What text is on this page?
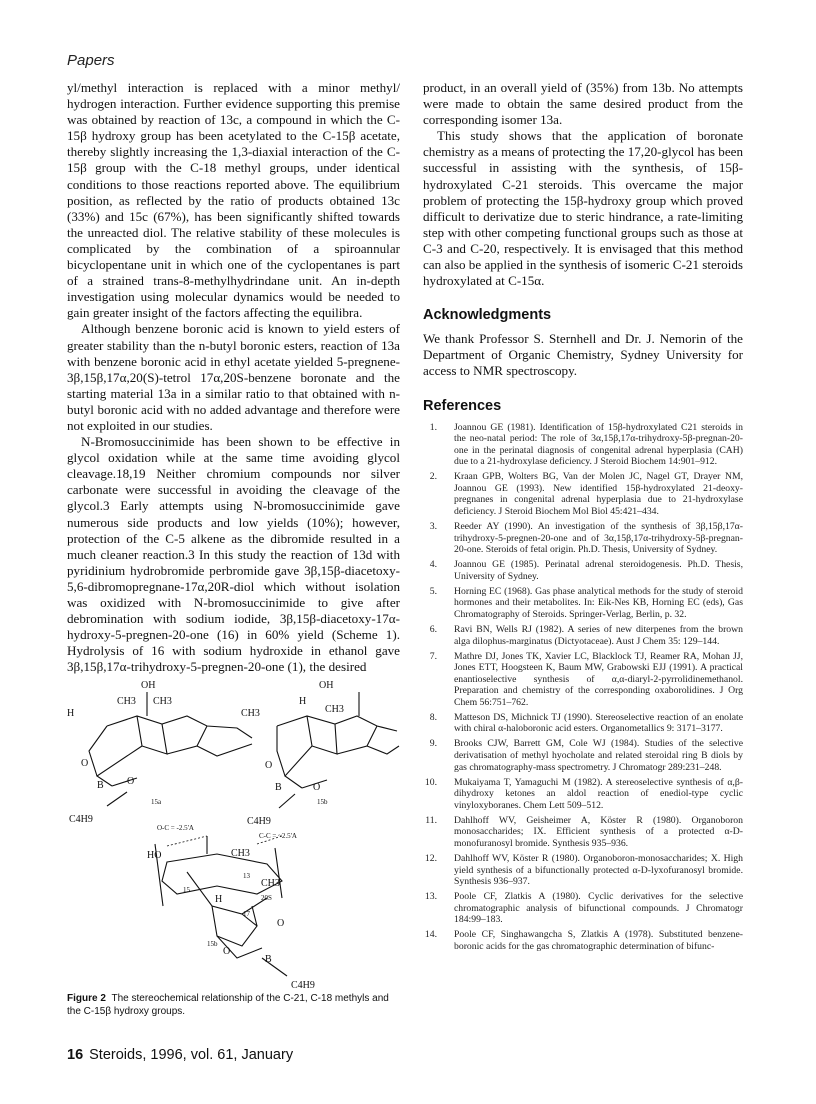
Papers

yl/methyl interaction is replaced with a minor methyl/ hydrogen interaction. Further evidence supporting this premise was obtained by reaction of 13c, a compound in which the C-15β hydroxy group has been acetylated to the C-15β acetate, thereby slightly increasing the 1,3-diaxial interaction of the C-15β group with the C-18 methyl groups, under identical conditions to those reactions reported above. The equilibrium position, as reflected by the ratio of products obtained 13c (33%) and 15c (67%), has been significantly shifted towards the unreacted diol. The relative stability of these molecules is complicated by the combination of a spiroannular bicyclopentane unit in which one of the cyclopentanes is part of a strained trans-8-methylhydrindane unit. An in-depth investigation using molecular dynamics would be needed to gain greater insight of the factors affecting the equilibra.

Although benzene boronic acid is known to yield esters of greater stability than the n-butyl boronic esters, reaction of 13a with benzene boronic acid in ethyl acetate yielded 5-pregnene-3β,15β,17α,20(S)-tetrol 17α,20S-benzene boronate and the starting material 13a in a similar ratio to that obtained with n-butyl boronic acid with no added advantage and therefore were not exploited in our studies.

N-Bromosuccinimide has been shown to be effective in glycol oxidation while at the same time avoiding glycol cleavage.18,19 Neither chromium compounds nor silver carbonate were successful in avoiding the cleavage of the glycol.3 Early attempts using N-bromosuccinimide gave numerous side products and low yields (10%); however, protection of the C-5 alkene as the dibromide resulted in a much cleaner reaction.3 In this study the reaction of 13d with pyridinium hydrobromide perbromide gave 3β,15β-diacetoxy-5,6-dibromopregnane-17α,20R-diol which without isolation was oxidized with N-bromosuccinimide to give after debromination with sodium iodide, 3β,15β-diacetoxy-17α-hydroxy-5-pregnen-20-one (16) in 60% yield (Scheme 1). Hydrolysis of 16 with sodium hydroxide in ethanol gave 3β,15β,17α-trihydroxy-5-pregnen-20-one (1), the desired

OH
H
CH3 CH3
O
O
B
C4H9
OH
H
CH3	CH3
O
O
B
C4H9
HO	CH3
CH3
H
O
O
B
C4H9
15a	15b
15b
O-C = -2.5'A
C-C = ~2.5'A
13
15
17
20S
Figure 2 The stereochemical relationship of the C-21, C-18 methyls and the C-15β hydroxy groups.

product, in an overall yield of (35%) from 13b. No attempts were made to obtain the same desired product from the corresponding isomer 13a.

This study shows that the application of boronate chemistry as a means of protecting the 17,20-glycol has been successful in assisting with the synthesis, of 15β-hydroxylated C-21 steroids. This overcame the major problem of protecting the 15β-hydroxy group which proved difficult to derivatize due to steric hindrance, a rate-limiting step with other competing functional groups such as those at C-3 and C-20, respectively. It is envisaged that this method can also be applied in the synthesis of isomeric C-21 steroids hydroxylated at C-15α.

Acknowledgments

We thank Professor S. Sternhell and Dr. J. Nemorin of the Department of Organic Chemistry, Sydney University for access to NMR spectroscopy.

References
1. Joannou GE (1981). Identification of 15β-hydroxylated C21 steroids in the neo-natal period: The role of 3α,15β,17α-trihydroxy-5β-pregnan-20-one in the perinatal diagnosis of congenital adrenal hyperplasia (CAH) due to a 21-hydroxylase deficiency. J Steroid Biochem 14:901–912.
2. Kraan GPB, Wolters BG, Van der Molen JC, Nagel GT, Drayer NM, Joannou GE (1993). New identified 15β-hydroxylated 21-deoxy-pregnanes in congenital adrenal hyperplasia due to 21-hydroxylase deficiency. J Steroid Biochem Mol Biol 45:421–434.
3. Reeder AY (1990). An investigation of the synthesis of 3β,15β,17α-trihydroxy-5-pregnen-20-one and of 3α,15β,17α-trihydroxy-5β-pregnan-20-one. Steroids of fetal origin. Ph.D. Thesis, University of Sydney.
4. Joannou GE (1985). Perinatal adrenal steroidogenesis. Ph.D. Thesis, University of Sydney.
5. Horning EC (1968). Gas phase analytical methods for the study of steroid hormones and their metabolites. In: Eik-Nes KB, Horning EC (eds), Gas Chromatography of Steroids. Springer-Verlag, Berlin, p. 32.
6. Ravi BN, Wells RJ (1982). A series of new diterpenes from the brown alga dilophus-marginatus (Dictyotaceae). Aust J Chem 35: 129–144.
7. Mathre DJ, Jones TK, Xavier LC, Blacklock TJ, Reamer RA, Mohan JJ, Jones ETT, Hoogsteen K, Baum MW, Grabowski EJJ (1991). A practical enantioselective synthesis of α,α-diaryl-2-pyrrolidinemethanol. Preparation and chemistry of the corresponding oxaborolidines. J Org Chem 56:751–762.
8. Matteson DS, Michnick TJ (1990). Stereoselective reaction of an enolate with chiral α-haloboronic acid esters. Organometallics 9: 3171–3177.
9. Brooks CJW, Barrett GM, Cole WJ (1984). Studies of the selective derivatisation of methyl hyocholate and related steroidal ring B diols by gas chromatography-mass spectrometry. J Chromatogr 289:231–248.
10. Mukaiyama T, Yamaguchi M (1982). A stereoselective synthesis of α,β-dihydroxy ketones an aldol reaction of enediol-type cyclic vinyloxyboranes. Chem Lett 509–512.
11. Dahlhoff WV, Geisheimer A, Köster R (1980). Organoboron monosaccharides; IX. Efficient synthesis of a protected α-D-monofuranosyl bromide. Synthesis 935–936.
12. Dahlhoff WV, Köster R (1980). Organoboron-monosaccharides; X. High yield synthesis of a bifunctionally protected α-D-lyxofuranosyl bromide. Synthesis 936–937.
13. Poole CF, Zlatkis A (1980). Cyclic derivatives for the selective chromatographic analysis of bifunctional compounds. J Chromatogr 184:99–183.
14. Poole CF, Singhawangcha S, Zlatkis A (1978). Substituted benzene-boronic acids for the gas chromatographic determination of bifunc-
16 Steroids, 1996, vol. 61, January
